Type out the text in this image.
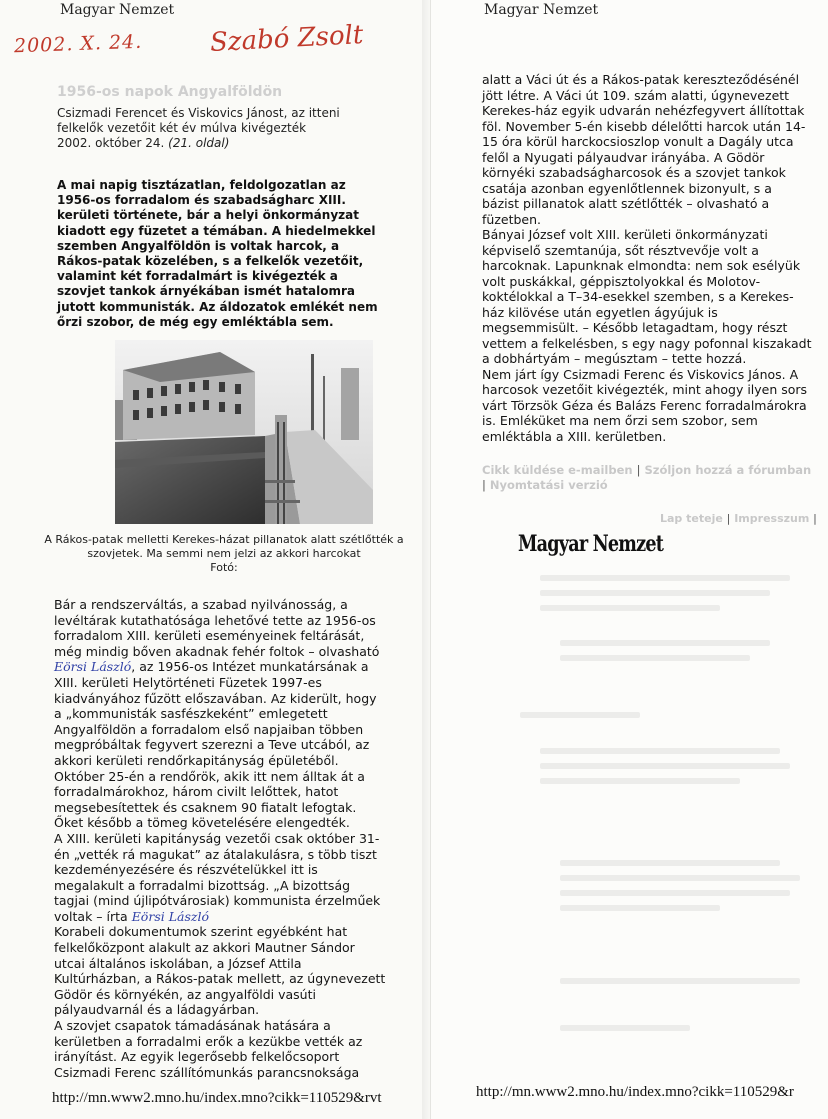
Magyar Nemzet
2002. X. 24.	Szabó Zsolt
1956-os napok Angyalföldön
Csizmadi Ferencet és Viskovics Jánost, az itteni felkelők vezetőit két év múlva kivégezték
2002. október 24. (21. oldal)
A mai napig tisztázatlan, feldolgozatlan az 1956-os forradalom és szabadságharc XIII. kerületi története, bár a helyi önkormányzat kiadott egy füzetet a témában. A hiedelmekkel szemben Angyalföldön is voltak harcok, a Rákos-patak közelében, s a felkelők vezetőit, valamint két forradalmárt is kivégezték a szovjet tankok árnyékában ismét hatalomra jutott kommunisták. Az áldozatok emlékét nem őrzi szobor, de még egy emléktábla sem.
A Rákos-patak melletti Kerekes-házat pillanatok alatt szétlőtték a szovjetek. Ma semmi nem jelzi az akkori harcokat
Fotó:

Bár a rendszerváltás, a szabad nyilvánosság, a levéltárak kutathatósága lehetővé tette az 1956-os forradalom XIII. kerületi eseményeinek feltárását, még mindig bőven akadnak fehér foltok – olvasható Eörsi László, az 1956-os Intézet munkatársának a XIII. kerületi Helytörténeti Füzetek 1997-es kiadványához fűzött előszavában. Az kiderült, hogy a „kommunisták sasfészkeként” emlegetett Angyalföldön a forradalom első napjaiban többen megpróbáltak fegyvert szerezni a Teve utcából, az akkori kerületi rendőrkapitányság épületéből. Október 25-én a rendőrök, akik itt nem álltak át a forradalmárokhoz, három civilt lelőttek, hatot megsebesítettek és csaknem 90 fiatalt lefogtak. Őket később a tömeg követelésére elengedték.

A XIII. kerületi kapitányság vezetői csak október 31-én „vették rá magukat” az átalakulásra, s több tiszt kezdeményezésére és részvételükkel itt is megalakult a forradalmi bizottság. „A bizottság tagjai (mind újlipótvárosiak) kommunista érzelműek voltak – írta Eörsi László

Korabeli dokumentumok szerint egyébként hat felkelőközpont alakult az akkori Mautner Sándor utcai általános iskolában, a József Attila Kultúrházban, a Rákos-patak mellett, az úgynevezett Gödör és környékén, az angyalföldi vasúti pályaudvarnál és a ládagyárban.

A szovjet csapatok támadásának hatására a kerületben a forradalmi erők a kezükbe vették az irányítást. Az egyik legerősebb felkelőcsoport Csizmadi Ferenc szállítómunkás parancsnoksága

http://mn.www2.mno.hu/index.mno?cikk=110529&rvt
Magyar Nemzet

alatt a Váci út és a Rákos-patak kereszteződésénél jött létre. A Váci út 109. szám alatti, úgynevezett Kerekes-ház egyik udvarán nehézfegyvert állítottak föl. November 5-én kisebb délelőtti harcok után 14-15 óra körül harckocsioszlop vonult a Dagály utca felől a Nyugati pályaudvar irányába. A Gödör környéki szabadságharcosok és a szovjet tankok csatája azonban egyenlőtlennek bizonyult, s a bázist pillanatok alatt szétlőtték – olvasható a füzetben.

Bányai József volt XIII. kerületi önkormányzati képviselő szemtanúja, sőt résztvevője volt a harcoknak. Lapunknak elmondta: nem sok esélyük volt puskákkal, géppisztolyokkal és Molotov-koktélokkal a T–34-esekkel szemben, s a Kerekes-ház kilövése után egyetlen ágyújuk is megsemmisült. – Később letagadtam, hogy részt vettem a felkelésben, s egy nagy pofonnal kiszakadt a dobhártyám – megúsztam – tette hozzá.

Nem járt így Csizmadi Ferenc és Viskovics János. A harcosok vezetőit kivégezték, mint ahogy ilyen sors várt Törzsök Géza és Balázs Ferenc forradalmárokra is. Emléküket ma nem őrzi sem szobor, sem emléktábla a XIII. kerületben.

Cikk küldése e-mailben | Szóljon hozzá a fórumban | Nyomtatási verzió
Lap teteje | Impresszum |
Magyar Nemzet
http://mn.www2.mno.hu/index.mno?cikk=110529&r
